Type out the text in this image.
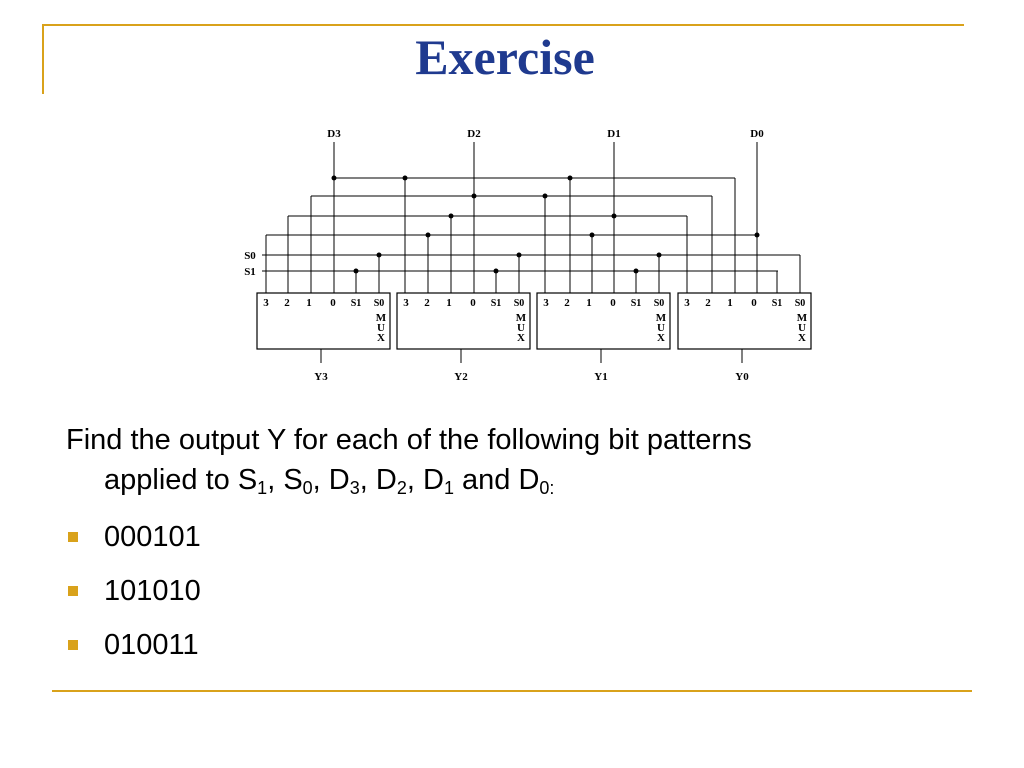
Exercise
S0
S1
D3	D2	D1	D0
3 2 1 0 S1 S0
M
U
X
Y3
3 2 1 0 S1 S0
M
U
X
Y2
3 2 1 0 S1 S0
M
U
X
Y1
3 2 1 0 S1 S0
M
U
X
Y0
Find the output Y for each of the following bit patterns
applied to $S_1$, $S_0$, $D_3$, $D_2$, $D_1$ and $D_{0:}$
000101
101010
010011
